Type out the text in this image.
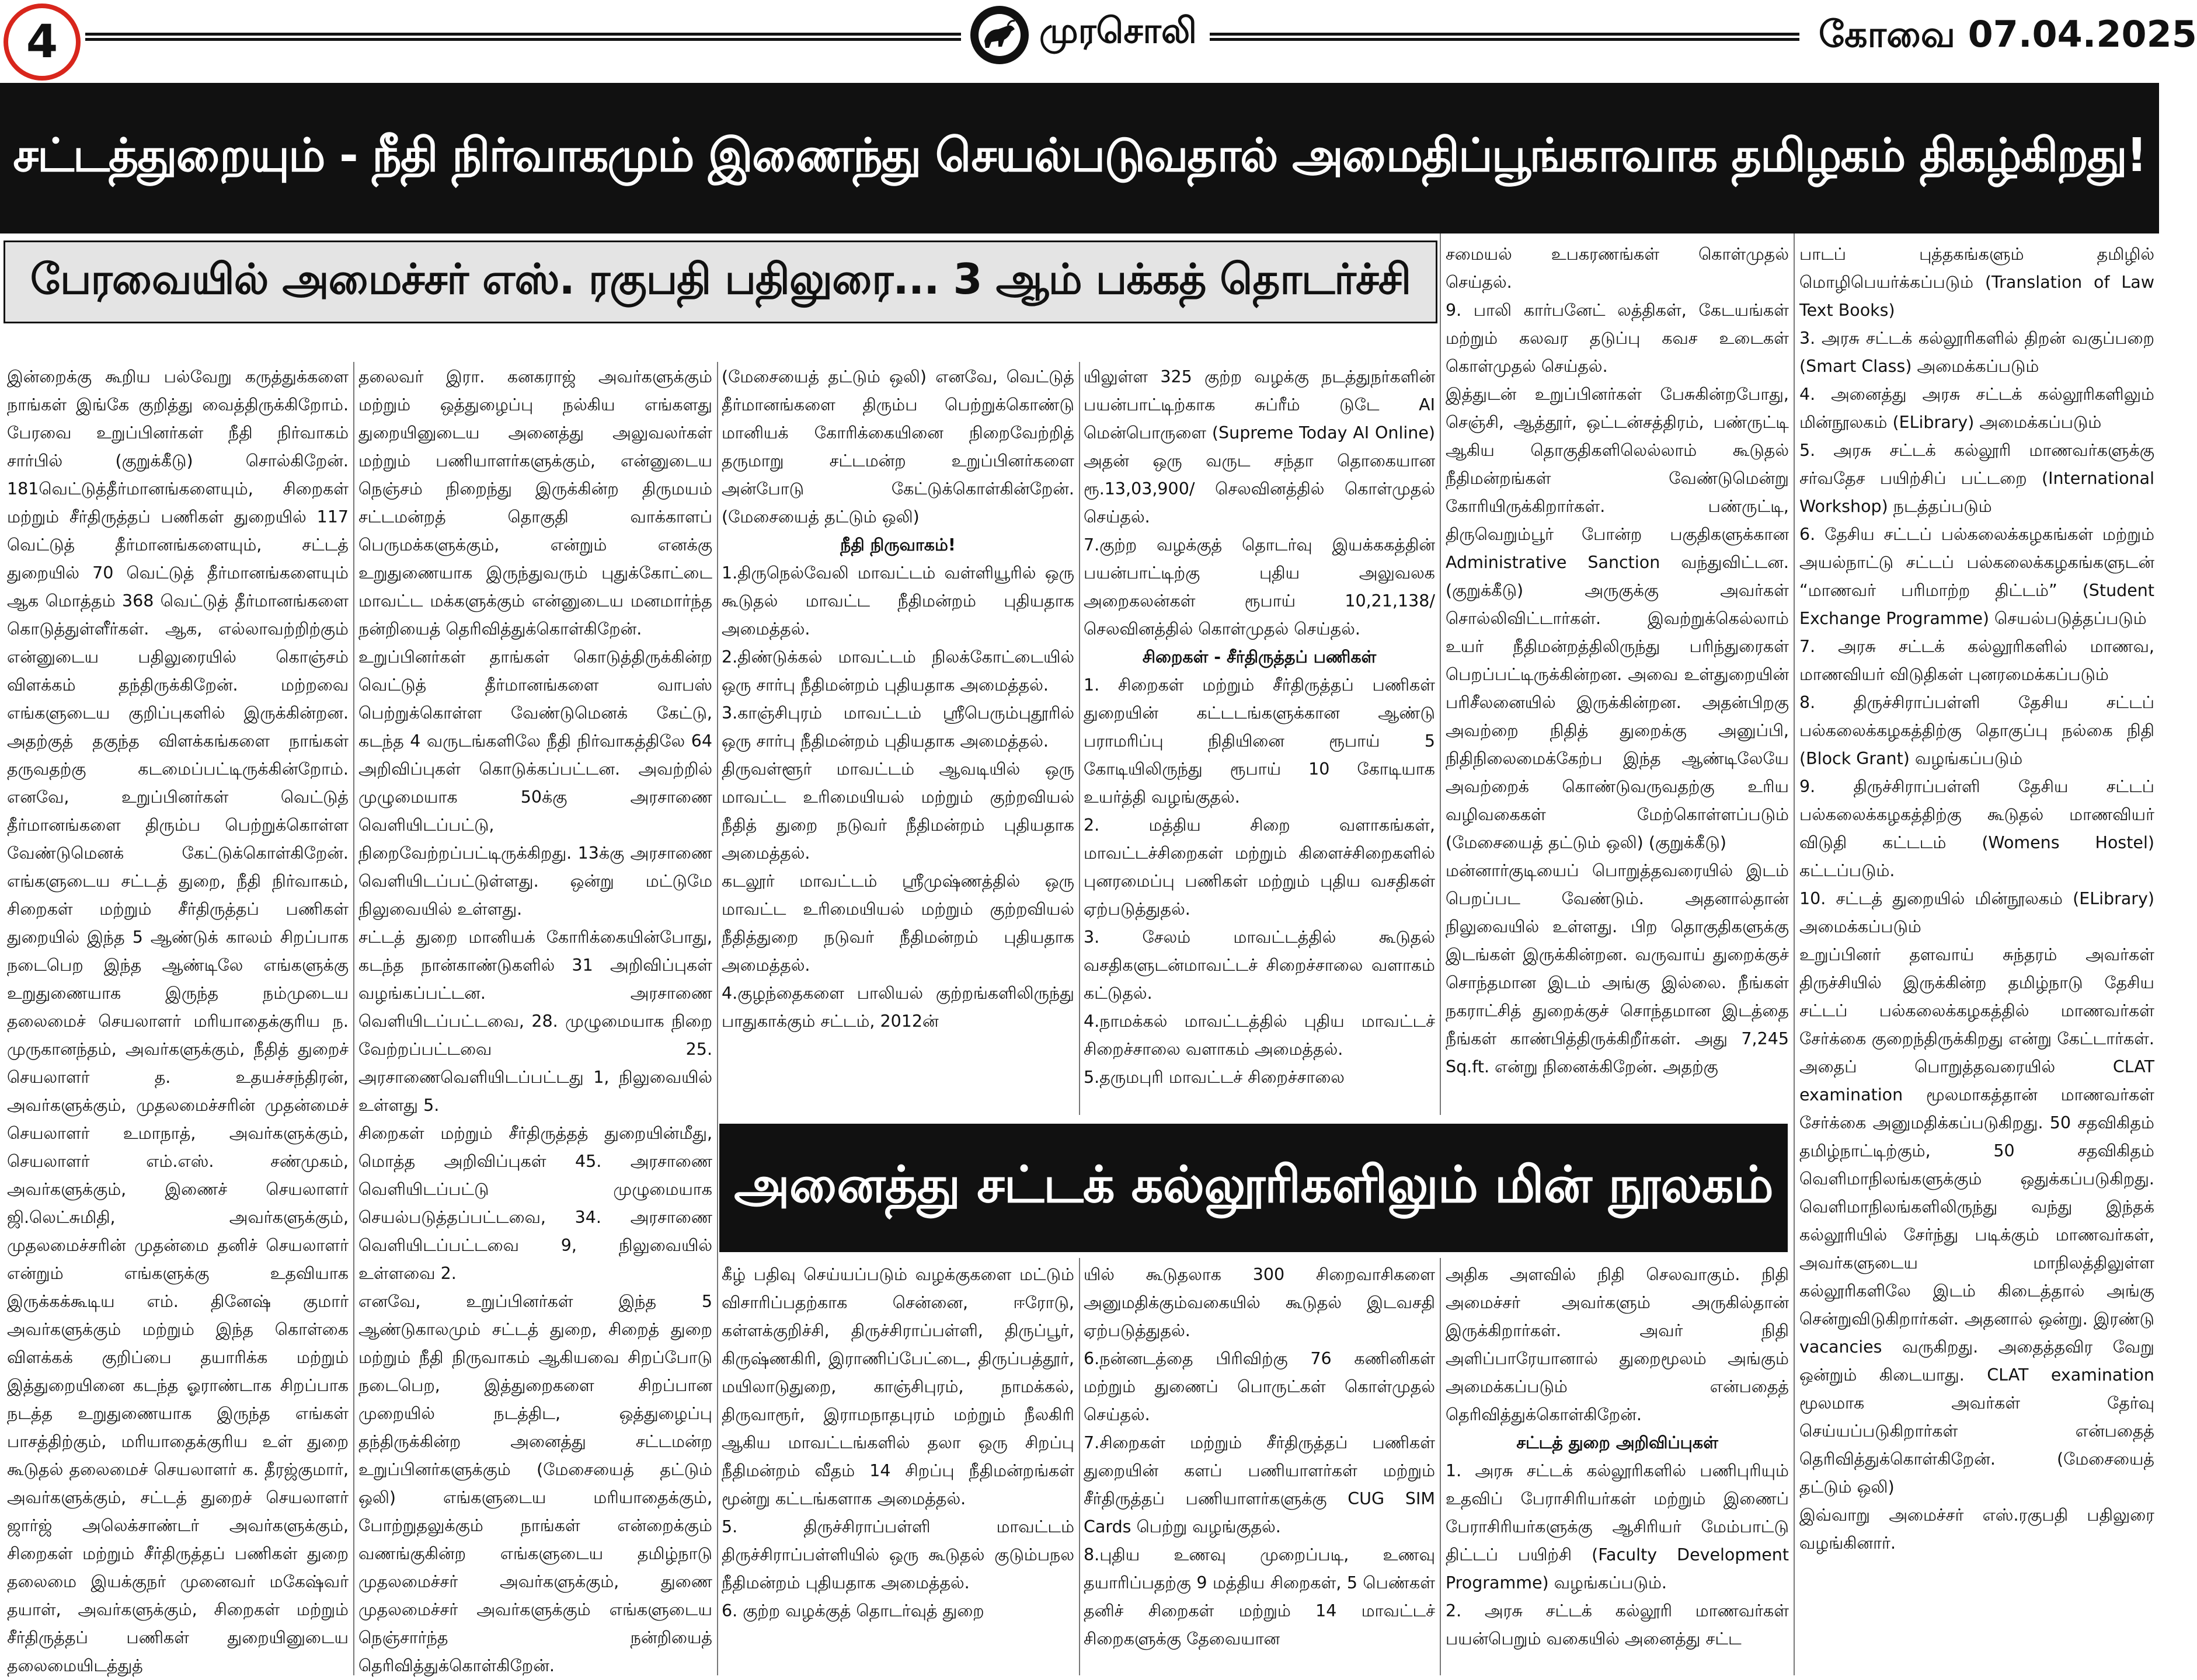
4	முரசொலி	கோவை 07.04.2025
சட்டத்துறையும் - நீதி நிர்வாகமும் இணைந்து செயல்படுவதால் அமைதிப்பூங்காவாக தமிழகம் திகழ்கிறது!
பேரவையில் அமைச்சர் எஸ். ரகுபதி பதிலுரை... 3 ஆம் பக்கத் தொடர்ச்சி

இன்றைக்கு கூறிய பல்வேறு கருத்துக்களை நாங்கள் இங்கே குறித்து வைத்திருக்கிறோம். பேரவை உறுப்பினர்கள் நீதி நிர்வாகம் சார்பில் (குறுக்கீடு) சொல்கிறேன். 181வெட்டுத்தீர்மானங்களையும், சிறைகள் மற்றும் சீர்திருத்தப் பணிகள் துறையில் 117 வெட்டுத் தீர்மானங்களையும், சட்டத் துறையில் 70 வெட்டுத் தீர்மானங்களையும் ஆக மொத்தம் 368 வெட்டுத் தீர்மானங்களை கொடுத்துள்ளீர்கள். ஆக, எல்லாவற்றிற்கும் என்னுடைய பதிலுரையில் கொஞ்சம் விளக்கம் தந்திருக்கிறேன். மற்றவை எங்களுடைய குறிப்புகளில் இருக்கின்றன. அதற்குத் தகுந்த விளக்கங்களை நாங்கள் தருவதற்கு கடமைப்பட்டிருக்கின்றோம். எனவே, உறுப்பினர்கள் வெட்டுத் தீர்மானங்களை திரும்ப பெற்றுக்கொள்ள வேண்டுமெனக் கேட்டுக்கொள்கிறேன். எங்களுடைய சட்டத் துறை, நீதி நிர்வாகம், சிறைகள் மற்றும் சீர்திருத்தப் பணிகள் துறையில் இந்த 5 ஆண்டுக் காலம் சிறப்பாக நடைபெற இந்த ஆண்டிலே எங்களுக்கு உறுதுணையாக இருந்த நம்முடைய தலைமைச் செயலாளர் மரியாதைக்குரிய ந. முருகானந்தம், அவர்களுக்கும், நீதித் துறைச் செயலாளர் த. உதயச்சந்திரன், அவர்களுக்கும், முதலமைச்சரின் முதன்மைச் செயலாளர் உமாநாத், அவர்களுக்கும், செயலாளர் எம்.எஸ். சண்முகம், அவர்களுக்கும், இணைச் செயலாளர் ஜி.லெட்சுமிதி, அவர்களுக்கும், முதலமைச்சரின் முதன்மை தனிச் செயலாளர் என்றும் எங்களுக்கு உதவியாக இருக்கக்கூடிய எம். தினேஷ் குமார் அவர்களுக்கும் மற்றும் இந்த கொள்கை விளக்கக் குறிப்பை தயாரிக்க மற்றும் இத்துறையினை கடந்த ஓராண்டாக சிறப்பாக நடத்த உறுதுணையாக இருந்த எங்கள் பாசத்திற்கும், மரியாதைக்குரிய உள் துறை கூடுதல் தலைமைச் செயலாளர் க. தீரஜ்குமார், அவர்களுக்கும், சட்டத் துறைச் செயலாளர் ஜார்ஜ் அலெக்சாண்டர் அவர்களுக்கும், சிறைகள் மற்றும் சீர்திருத்தப் பணிகள் துறை தலைமை இயக்குநர் முனைவர் மகேஷ்வர் தயாள், அவர்களுக்கும், சிறைகள் மற்றும் சீர்திருத்தப் பணிகள் துறையினுடைய தலைமையிடத்துத்

தலைவர் இரா. கனகராஜ் அவர்களுக்கும் மற்றும் ஒத்துழைப்பு நல்கிய எங்களது துறையினுடைய அனைத்து அலுவலர்கள் மற்றும் பணியாளர்களுக்கும், என்னுடைய நெஞ்சம் நிறைந்து இருக்கின்ற திருமயம் சட்டமன்றத் தொகுதி வாக்காளப் பெருமக்களுக்கும், என்றும் எனக்கு உறுதுணையாக இருந்துவரும் புதுக்கோட்டை மாவட்ட மக்களுக்கும் என்னுடைய மனமார்ந்த நன்றியைத் தெரிவித்துக்கொள்கிறேன்.

உறுப்பினர்கள் தாங்கள் கொடுத்திருக்கின்ற வெட்டுத் தீர்மானங்களை வாபஸ் பெற்றுக்கொள்ள வேண்டுமெனக் கேட்டு, கடந்த 4 வருடங்களிலே நீதி நிர்வாகத்திலே 64 அறிவிப்புகள் கொடுக்கப்பட்டன. அவற்றில் முழுமையாக 50க்கு அரசாணை வெளியிடப்பட்டு, நிறைவேற்றப்பட்டிருக்கிறது. 13க்கு அரசாணை வெளியிடப்பட்டுள்ளது. ஒன்று மட்டுமே நிலுவையில் உள்ளது.

சட்டத் துறை மானியக் கோரிக்கையின்போது, கடந்த நான்காண்டுகளில் 31 அறிவிப்புகள் வழங்கப்பட்டன. அரசாணை வெளியிடப்பட்டவை, 28. முழுமையாக நிறை வேற்றப்பட்டவை 25. அரசாணைவெளியிடப்பட்டது 1, நிலுவையில் உள்ளது 5.

சிறைகள் மற்றும் சீர்திருத்தத் துறையின்மீது, மொத்த அறிவிப்புகள் 45. அரசாணை வெளியிடப்பட்டு முழுமையாக செயல்படுத்தப்பட்டவை, 34. அரசாணை வெளியிடப்பட்டவை 9, நிலுவையில் உள்ளவை 2.

எனவே, உறுப்பினர்கள் இந்த 5 ஆண்டுகாலமும் சட்டத் துறை, சிறைத் துறை மற்றும் நீதி நிருவாகம் ஆகியவை சிறப்போடு நடைபெற, இத்துறைகளை சிறப்பான முறையில் நடத்திட, ஒத்துழைப்பு தந்திருக்கின்ற அனைத்து சட்டமன்ற உறுப்பினர்களுக்கும் (மேசையைத் தட்டும் ஒலி) எங்களுடைய மரியாதைக்கும், போற்றுதலுக்கும் நாங்கள் என்றைக்கும் வணங்குகின்ற எங்களுடைய தமிழ்நாடு முதலமைச்சர் அவர்களுக்கும், துணை முதலமைச்சர் அவர்களுக்கும் எங்களுடைய நெஞ்சார்ந்த நன்றியைத் தெரிவித்துக்கொள்கிறேன்.

(மேசையைத் தட்டும் ஒலி) எனவே, வெட்டுத் தீர்மானங்களை திரும்ப பெற்றுக்கொண்டு மானியக் கோரிக்கையினை நிறைவேற்றித் தருமாறு சட்டமன்ற உறுப்பினர்களை அன்போடு கேட்டுக்கொள்கின்றேன். (மேசையைத் தட்டும் ஒலி)

நீதி நிருவாகம்!

1.திருநெல்வேலி மாவட்டம் வள்ளியூரில் ஒரு கூடுதல் மாவட்ட நீதிமன்றம் புதியதாக அமைத்தல்.

2.திண்டுக்கல் மாவட்டம் நிலக்கோட்டையில் ஒரு சார்பு நீதிமன்றம் புதியதாக அமைத்தல்.

3.காஞ்சிபுரம் மாவட்டம் ஸ்ரீபெரும்புதூரில் ஒரு சார்பு நீதிமன்றம் புதியதாக அமைத்தல்.

திருவள்ளூர் மாவட்டம் ஆவடியில் ஒரு மாவட்ட உரிமையியல் மற்றும் குற்றவியல் நீதித் துறை நடுவர் நீதிமன்றம் புதியதாக அமைத்தல்.

கடலூர் மாவட்டம் ஸ்ரீமுஷ்ணத்தில் ஒரு மாவட்ட உரிமையியல் மற்றும் குற்றவியல் நீதித்துறை நடுவர் நீதிமன்றம் புதியதாக அமைத்தல்.

4.குழந்தைகளை பாலியல் குற்றங்களிலிருந்து பாதுகாக்கும் சட்டம், 2012ன்

யிலுள்ள 325 குற்ற வழக்கு நடத்துநர்களின் பயன்பாட்டிற்காக சுப்ரீம் டுடே AI மென்பொருளை (Supreme Today AI Online) அதன் ஒரு வருட சந்தா தொகையான ரூ.13,03,900/ செலவினத்தில் கொள்முதல் செய்தல்.

7.குற்ற வழக்குத் தொடர்வு இயக்ககத்தின் பயன்பாட்டிற்கு புதிய அலுவலக அறைகலன்கள் ரூபாய் 10,21,138/செலவினத்தில் கொள்முதல் செய்தல்.

சிறைகள் - சீர்திருத்தப் பணிகள்

1. சிறைகள் மற்றும் சீர்திருத்தப் பணிகள் துறையின் கட்டடங்களுக்கான ஆண்டு பராமரிப்பு நிதியினை ரூபாய் 5 கோடியிலிருந்து ரூபாய் 10 கோடியாக உயர்த்தி வழங்குதல்.

2. மத்திய சிறை வளாகங்கள், மாவட்டச்சிறைகள் மற்றும் கிளைச்சிறைகளில் புனரமைப்பு பணிகள் மற்றும் புதிய வசதிகள் ஏற்படுத்துதல்.

3. சேலம் மாவட்டத்தில் கூடுதல் வசதிகளுடன்மாவட்டச் சிறைச்சாலை வளாகம் கட்டுதல்.

4.நாமக்கல் மாவட்டத்தில் புதிய மாவட்டச் சிறைச்சாலை வளாகம் அமைத்தல்.

5.தருமபுரி மாவட்டச் சிறைச்சாலை

சமையல் உபகரணங்கள் கொள்முதல் செய்தல்.

9. பாலி கார்பனேட் லத்திகள், கேடயங்கள் மற்றும் கலவர தடுப்பு கவச உடைகள் கொள்முதல் செய்தல்.

இத்துடன் உறுப்பினர்கள் பேசுகின்றபோது, செஞ்சி, ஆத்தூர், ஒட்டன்சத்திரம், பண்ருட்டி ஆகிய தொகுதிகளிலெல்லாம் கூடுதல் நீதிமன்றங்கள் வேண்டுமென்று கோரியிருக்கிறார்கள். பண்ருட்டி, திருவெறும்பூர் போன்ற பகுதிகளுக்கான Administrative Sanction வந்துவிட்டன. (குறுக்கீடு) அருகுக்கு அவர்கள் சொல்லிவிட்டார்கள். இவற்றுக்கெல்லாம் உயர் நீதிமன்றத்திலிருந்து பரிந்துரைகள் பெறப்பட்டிருக்கின்றன. அவை உள்துறையின் பரிசீலனையில் இருக்கின்றன. அதன்பிறகு அவற்றை நிதித் துறைக்கு அனுப்பி, நிதிநிலைமைக்கேற்ப இந்த ஆண்டிலேயே அவற்றைக் கொண்டுவருவதற்கு உரிய வழிவகைகள் மேற்கொள்ளப்படும் (மேசையைத் தட்டும் ஒலி) (குறுக்கீடு)

மன்னார்குடியைப் பொறுத்தவரையில் இடம் பெறப்பட வேண்டும். அதனால்தான் நிலுவையில் உள்ளது. பிற தொகுதிகளுக்கு இடங்கள் இருக்கின்றன. வருவாய் துறைக்குச் சொந்தமான இடம் அங்கு இல்லை. நீங்கள் நகராட்சித் துறைக்குச் சொந்தமான இடத்தை நீங்கள் காண்பித்திருக்கிறீர்கள். அது 7,245 Sq.ft. என்று நினைக்கிறேன். அதற்கு

பாடப் புத்தகங்களும் தமிழில் மொழிபெயர்க்கப்படும் (Translation of Law Text Books)

3. அரசு சட்டக் கல்லூரிகளில் திறன் வகுப்பறை (Smart Class) அமைக்கப்படும்

4. அனைத்து அரசு சட்டக் கல்லூரிகளிலும் மின்நூலகம் (ELibrary) அமைக்கப்படும்

5. அரசு சட்டக் கல்லூரி மாணவர்களுக்கு சர்வதேச பயிற்சிப் பட்டறை (International Workshop) நடத்தப்படும்

6. தேசிய சட்டப் பல்கலைக்கழகங்கள் மற்றும் அயல்நாட்டு சட்டப் பல்கலைக்கழகங்களுடன் “மாணவர் பரிமாற்ற திட்டம்” (Student Exchange Programme) செயல்படுத்தப்படும்

7. அரசு சட்டக் கல்லூரிகளில் மாணவ, மாணவியர் விடுதிகள் புனரமைக்கப்படும்

8. திருச்சிராப்பள்ளி தேசிய சட்டப் பல்கலைக்கழகத்திற்கு தொகுப்பு நல்கை நிதி (Block Grant) வழங்கப்படும்

9. திருச்சிராப்பள்ளி தேசிய சட்டப் பல்கலைக்கழகத்திற்கு கூடுதல் மாணவியர் விடுதி கட்டடம் (Womens Hostel) கட்டப்படும்.

10. சட்டத் துறையில் மின்நூலகம் (ELibrary) அமைக்கப்படும்

உறுப்பினர் தளவாய் சுந்தரம் அவர்கள் திருச்சியில் இருக்கின்ற தமிழ்நாடு தேசிய சட்டப் பல்கலைக்கழகத்தில் மாணவர்கள் சேர்க்கை குறைந்திருக்கிறது என்று கேட்டார்கள். அதைப் பொறுத்தவரையில் CLAT examination மூலமாகத்தான் மாணவர்கள் சேர்க்கை அனுமதிக்கப்படுகிறது. 50 சதவிகிதம் தமிழ்நாட்டிற்கும், 50 சதவிகிதம் வெளிமாநிலங்களுக்கும் ஒதுக்கப்படுகிறது. வெளிமாநிலங்களிலிருந்து வந்து இந்தக் கல்லூரியில் சேர்ந்து படிக்கும் மாணவர்கள், அவர்களுடைய மாநிலத்திலுள்ள கல்லூரிகளிலே இடம் கிடைத்தால் அங்கு சென்றுவிடுகிறார்கள். அதனால் ஒன்று. இரண்டு vacancies வருகிறது. அதைத்தவிர வேறு ஒன்றும் கிடையாது. CLAT examination மூலமாக அவர்கள் தேர்வு செய்யப்படுகிறார்கள் என்பதைத் தெரிவித்துக்கொள்கிறேன். (மேசையைத் தட்டும் ஒலி)

இவ்வாறு அமைச்சர் எஸ்.ரகுபதி பதிலுரை வழங்கினார்.

அனைத்து சட்டக் கல்லூரிகளிலும் மின் நூலகம்

கீழ் பதிவு செய்யப்படும் வழக்குகளை மட்டும் விசாரிப்பதற்காக சென்னை, ஈரோடு, கள்ளக்குறிச்சி, திருச்சிராப்பள்ளி, திருப்பூர், கிருஷ்ணகிரி, இராணிப்பேட்டை, திருப்பத்தூர், மயிலாடுதுறை, காஞ்சிபுரம், நாமக்கல், திருவாரூர், இராமநாதபுரம் மற்றும் நீலகிரி ஆகிய மாவட்டங்களில் தலா ஒரு சிறப்பு நீதிமன்றம் வீதம் 14 சிறப்பு நீதிமன்றங்கள் மூன்று கட்டங்களாக அமைத்தல்.

5. திருச்சிராப்பள்ளி மாவட்டம் திருச்சிராப்பள்ளியில் ஒரு கூடுதல் குடும்பநல நீதிமன்றம் புதியதாக அமைத்தல்.

6. குற்ற வழக்குத் தொடர்வுத் துறை

யில் கூடுதலாக 300 சிறைவாசிகளை அனுமதிக்கும்வகையில் கூடுதல் இடவசதி ஏற்படுத்துதல்.

6.நன்னடத்தை பிரிவிற்கு 76 கணினிகள் மற்றும் துணைப் பொருட்கள் கொள்முதல் செய்தல்.

7.சிறைகள் மற்றும் சீர்திருத்தப் பணிகள் துறையின் களப் பணியாளர்கள் மற்றும் சீர்திருத்தப் பணியாளர்களுக்கு CUG SIM Cards பெற்று வழங்குதல்.

8.புதிய உணவு முறைப்படி, உணவு தயாரிப்பதற்கு 9 மத்திய சிறைகள், 5 பெண்கள் தனிச் சிறைகள் மற்றும் 14 மாவட்டச் சிறைகளுக்கு தேவையான

அதிக அளவில் நிதி செலவாகும். நிதி அமைச்சர் அவர்களும் அருகில்தான் இருக்கிறார்கள். அவர் நிதி அளிப்பாரேயானால் துறைமூலம் அங்கும் அமைக்கப்படும் என்பதைத் தெரிவித்துக்கொள்கிறேன்.

சட்டத் துறை அறிவிப்புகள்

1. அரசு சட்டக் கல்லூரிகளில் பணிபுரியும் உதவிப் பேராசிரியர்கள் மற்றும் இணைப் பேராசிரியர்களுக்கு ஆசிரியர் மேம்பாட்டு திட்டப் பயிற்சி (Faculty Development Programme) வழங்கப்படும்.

2. அரசு சட்டக் கல்லூரி மாணவர்கள் பயன்பெறும் வகையில் அனைத்து சட்ட
